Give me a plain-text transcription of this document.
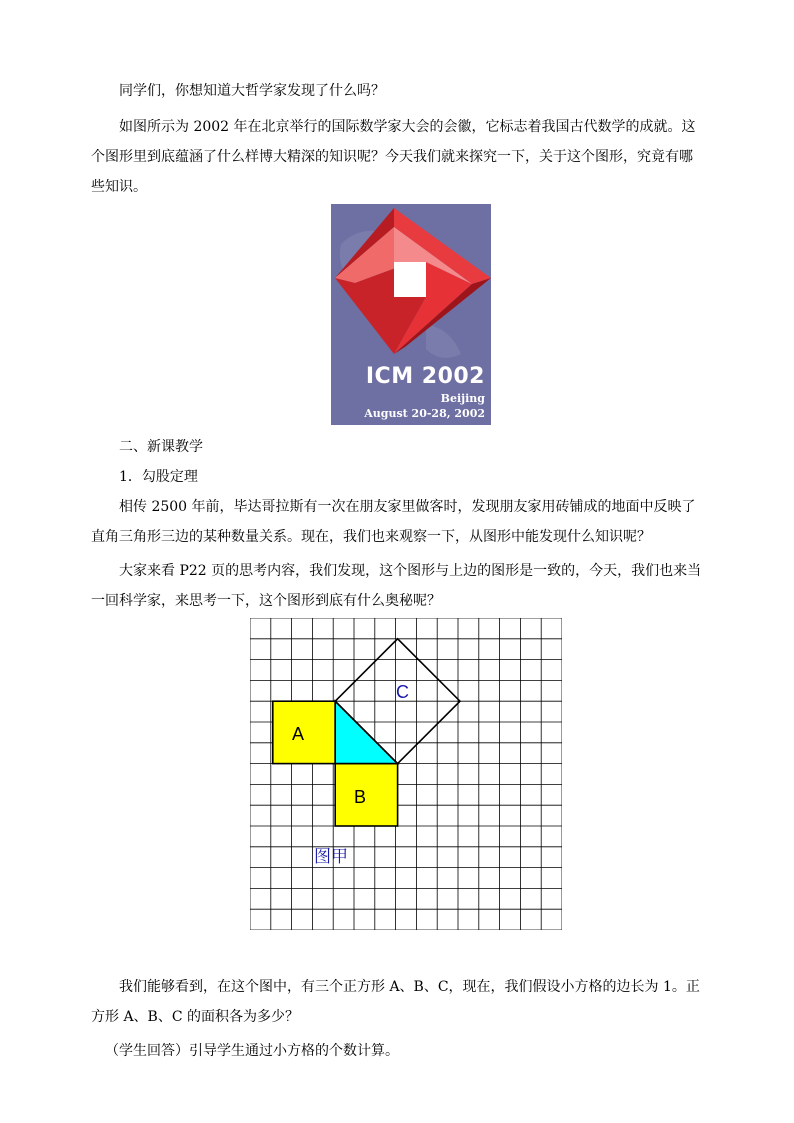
同学们，你想知道大哲学家发现了什么吗？

如图所示为 2002 年在北京举行的国际数学家大会的会徽，它标志着我国古代数学的成就。这个图形里到底蕴涵了什么样博大精深的知识呢？今天我们就来探究一下，关于这个图形，究竟有哪些知识。

ICM 2002
Beijing
August 20-28, 2002

二、新课教学

1．勾股定理

相传 2500 年前，毕达哥拉斯有一次在朋友家里做客时，发现朋友家用砖铺成的地面中反映了直角三角形三边的某种数量关系。现在，我们也来观察一下，从图形中能发现什么知识呢？

大家来看 P22 页的思考内容，我们发现，这个图形与上边的图形是一致的，今天，我们也来当一回科学家，来思考一下，这个图形到底有什么奥秘呢？

A
B
C
图甲

我们能够看到，在这个图中，有三个正方形 A、B、C，现在，我们假设小方格的边长为 1。正方形 A、B、C 的面积各为多少？

（学生回答）引导学生通过小方格的个数计算。
